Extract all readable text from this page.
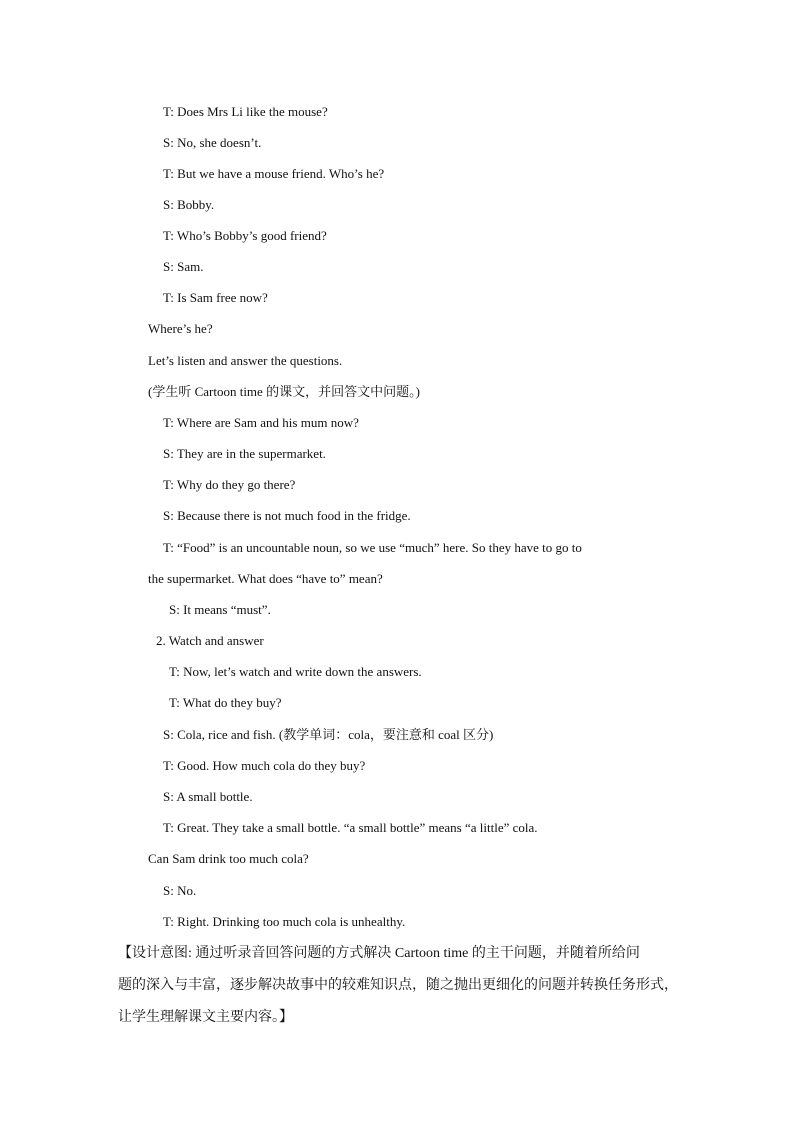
T: Does Mrs Li like the mouse?
S: No, she doesn’t.
T: But we have a mouse friend. Who’s he?
S: Bobby.
T: Who’s Bobby’s good friend?
S: Sam.
T: Is Sam free now?
Where’s he?
Let’s listen and answer the questions.
(学生听 Cartoon time 的课文，并回答文中问题。)
T: Where are Sam and his mum now?
S: They are in the supermarket.
T: Why do they go there?
S: Because there is not much food in the fridge.
T: “Food” is an uncountable noun, so we use “much” here. So they have to go to
the supermarket. What does “have to” mean?
S: It means “must”.
2. Watch and answer
T: Now, let’s watch and write down the answers.
T: What do they buy?
S: Cola, rice and fish. (教学单词：cola，要注意和 coal 区分)
T: Good. How much cola do they buy?
S: A small bottle.
T: Great. They take a small bottle. “a small bottle” means “a little” cola.
Can Sam drink too much cola?
S: No.
T: Right. Drinking too much cola is unhealthy.
【设计意图: 通过听录音回答问题的方式解决 Cartoon time 的主干问题，并随着所给问
题的深入与丰富，逐步解决故事中的较难知识点，随之抛出更细化的问题并转换任务形式，
让学生理解课文主要内容。】
